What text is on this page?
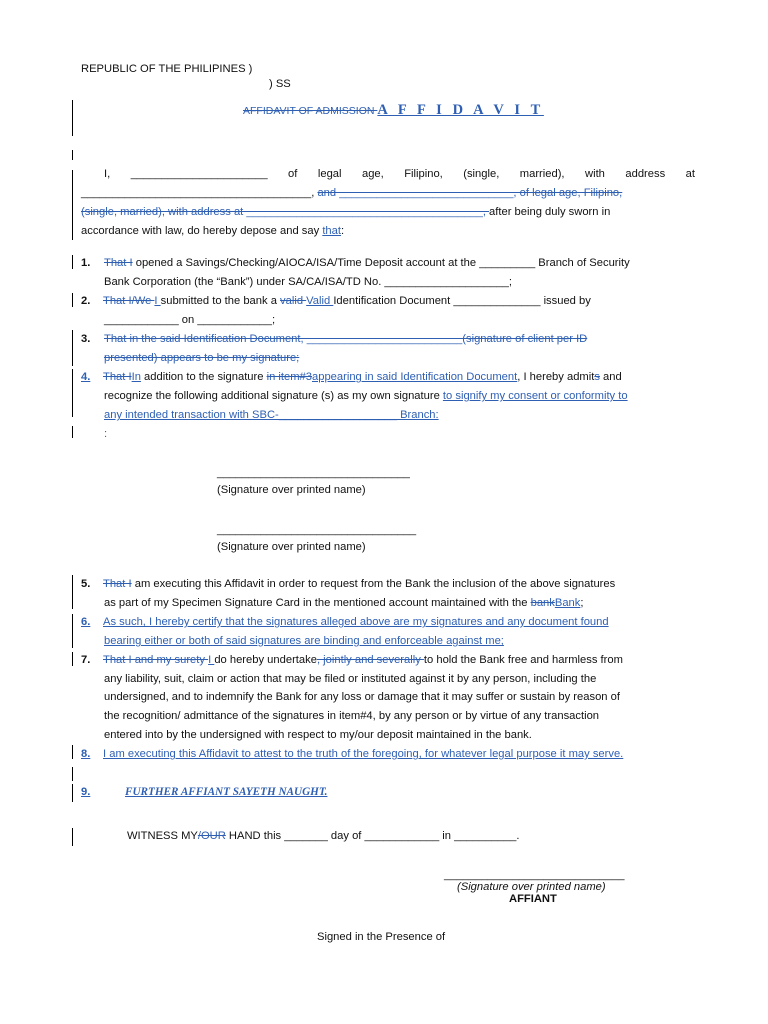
REPUBLIC OF THE PHILIPINES )
) SS
AFFIDAVIT OF ADMISSION A F F I D A V I T
I, ______________________ of legal age, Filipino, (single, married), with address at
_____________________________________, and ____________________________, of legal age, Filipino,
(single, married), with address at ______________________________________, after being duly sworn in
accordance with law, do hereby depose and say that:
1.	That I opened a Savings/Checking/AIOCA/ISA/Time Deposit account at the _________ Branch of Security
Bank Corporation (the “Bank”) under SA/CA/ISA/TD No. ____________________;
2. That I/We I submitted to the bank a valid Valid Identification Document ______________ issued by
____________ on ____________;
3.	That in the said Identification Document, _________________________(signature of client per ID
presented) appears to be my signature;
4. That IIn addition to the signature in item#3appearing in said Identification Document, I hereby admits and
recognize the following additional signature (s) as my own signature to signify my consent or conformity to
any intended transaction with SBC-___________________ Branch:
:
_______________________________
(Signature over printed name)
________________________________
(Signature over printed name)
5. That I am executing this Affidavit in order to request from the Bank the inclusion of the above signatures
as part of my Specimen Signature Card in the mentioned account maintained with the bankBank;
6. As such, I hereby certify that the signatures alleged above are my signatures and any document found
bearing either or both of said signatures are binding and enforceable against me;
7. That I and my surety I do hereby undertake, jointly and severally to hold the Bank free and harmless from
any liability, suit, claim or action that may be filed or instituted against it by any person, including the
undersigned, and to indemnify the Bank for any loss or damage that it may suffer or sustain by reason of
the recognition/ admittance of the signatures in item#4, by any person or by virtue of any transaction
entered into by the undersigned with respect to my/our deposit maintained in the bank.
8. I am executing this Affidavit to attest to the truth of the foregoing, for whatever legal purpose it may serve.
9.	FURTHER AFFIANT SAYETH NAUGHT.
WITNESS MY/OUR HAND this _______ day of ____________ in __________.
_____________________________
(Signature over printed name)
AFFIANT
Signed in the Presence of
